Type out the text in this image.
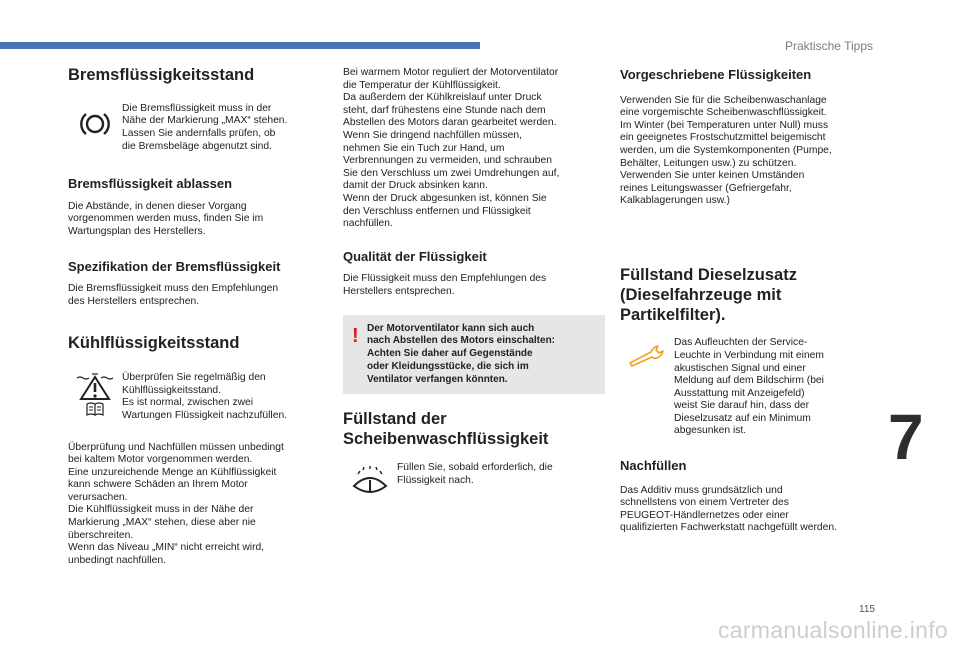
Praktische Tipps
Bremsflüssigkeitsstand

Die Bremsflüssigkeit muss in der
Nähe der Markierung „MAX“ stehen.
Lassen Sie andernfalls prüfen, ob
die Bremsbeläge abgenutzt sind.

Bremsflüssigkeit ablassen

Die Abstände, in denen dieser Vorgang
vorgenommen werden muss, finden Sie im
Wartungsplan des Herstellers.

Spezifikation der Bremsflüssigkeit

Die Bremsflüssigkeit muss den Empfehlungen
des Herstellers entsprechen.

Kühlflüssigkeitsstand

Überprüfen Sie regelmäßig den
Kühlflüssigkeitsstand.
Es ist normal, zwischen zwei
Wartungen Flüssigkeit nachzufüllen.

Überprüfung und Nachfüllen müssen unbedingt
bei kaltem Motor vorgenommen werden.
Eine unzureichende Menge an Kühlflüssigkeit
kann schwere Schäden an Ihrem Motor
verursachen.
Die Kühlflüssigkeit muss in der Nähe der
Markierung „MAX“ stehen, diese aber nie
überschreiten.
Wenn das Niveau „MIN“ nicht erreicht wird,
unbedingt nachfüllen.

Bei warmem Motor reguliert der Motorventilator
die Temperatur der Kühlflüssigkeit.
Da außerdem der Kühlkreislauf unter Druck
steht, darf frühestens eine Stunde nach dem
Abstellen des Motors daran gearbeitet werden.
Wenn Sie dringend nachfüllen müssen,
nehmen Sie ein Tuch zur Hand, um
Verbrennungen zu vermeiden, und schrauben
Sie den Verschluss um zwei Umdrehungen auf,
damit der Druck absinken kann.
Wenn der Druck abgesunken ist, können Sie
den Verschluss entfernen und Flüssigkeit
nachfüllen.

Qualität der Flüssigkeit

Die Flüssigkeit muss den Empfehlungen des
Herstellers entsprechen.

! Der Motorventilator kann sich auch
nach Abstellen des Motors einschalten:
Achten Sie daher auf Gegenstände
oder Kleidungsstücke, die sich im
Ventilator verfangen könnten.

Füllstand der
Scheibenwaschflüssigkeit

Füllen Sie, sobald erforderlich, die
Flüssigkeit nach.

Vorgeschriebene Flüssigkeiten

Verwenden Sie für die Scheibenwaschanlage
eine vorgemischte Scheibenwaschflüssigkeit.
Im Winter (bei Temperaturen unter Null) muss
ein geeignetes Frostschutzmittel beigemischt
werden, um die Systemkomponenten (Pumpe,
Behälter, Leitungen usw.) zu schützen.
Verwenden Sie unter keinen Umständen
reines Leitungswasser (Gefriergefahr,
Kalkablagerungen usw.)

Füllstand Dieselzusatz
(Dieselfahrzeuge mit
Partikelfilter).

Das Aufleuchten der Service-
Leuchte in Verbindung mit einem
akustischen Signal und einer
Meldung auf dem Bildschirm (bei
Ausstattung mit Anzeigefeld)
weist Sie darauf hin, dass der
Dieselzusatz auf ein Minimum
abgesunken ist.

Nachfüllen

Das Additiv muss grundsätzlich und
schnellstens von einem Vertreter des
PEUGEOT-Händlernetzes oder einer
qualifizierten Fachwerkstatt nachgefüllt werden.

7
115
carmanualsonline.info
